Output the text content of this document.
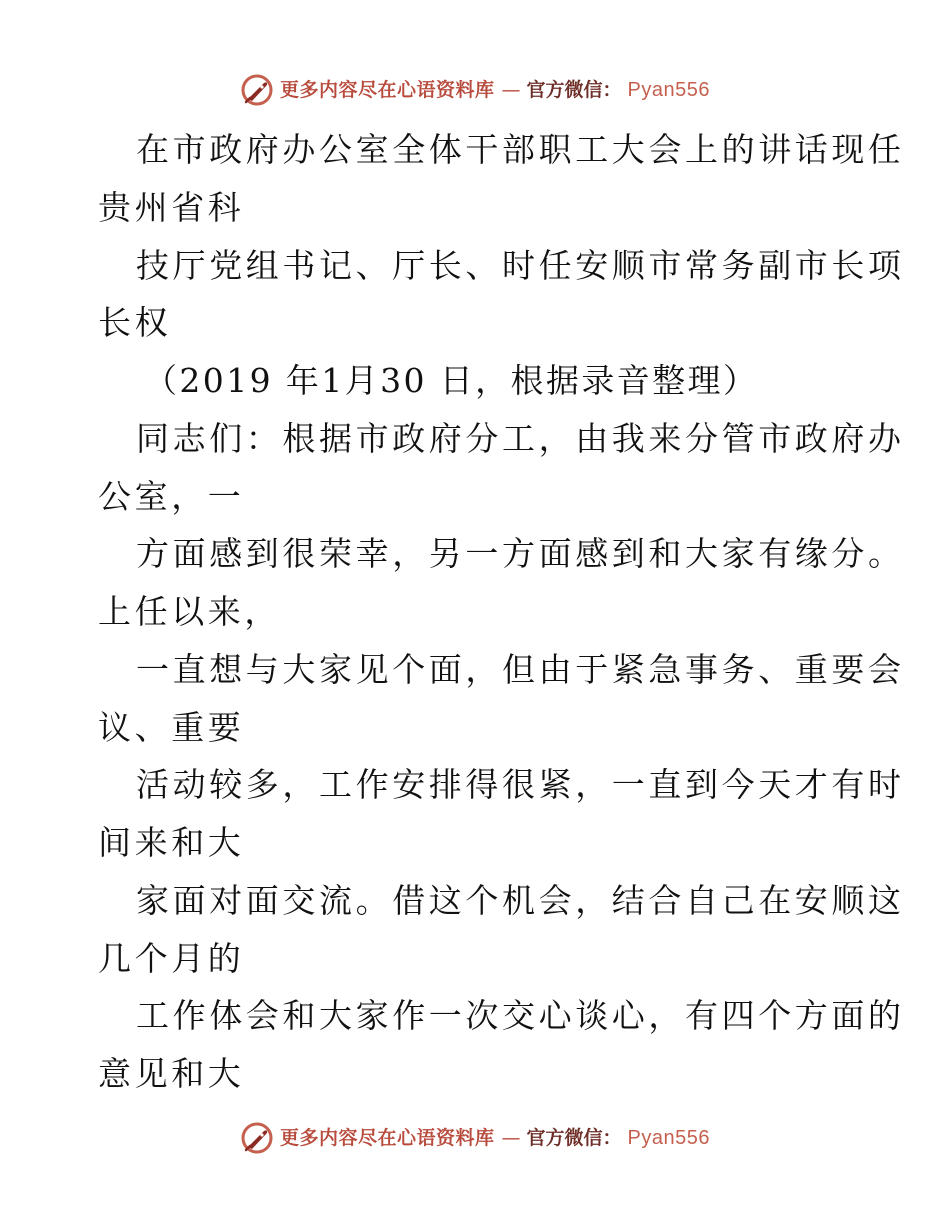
更多内容尽在心语资料库 — 官方微信： Pyan556
在市政府办公室全体干部职工大会上的讲话现任
贵州省科
技厅党组书记、厅长、时任安顺市常务副市长项
长权
（2019 年1月30 日，根据录音整理）
同志们：根据市政府分工，由我来分管市政府办
公室，一
方面感到很荣幸，另一方面感到和大家有缘分。
上任以来，
一直想与大家见个面，但由于紧急事务、重要会
议、重要
活动较多，工作安排得很紧，一直到今天才有时
间来和大
家面对面交流。借这个机会，结合自己在安顺这
几个月的
工作体会和大家作一次交心谈心，有四个方面的
意见和大
更多内容尽在心语资料库 — 官方微信： Pyan556
